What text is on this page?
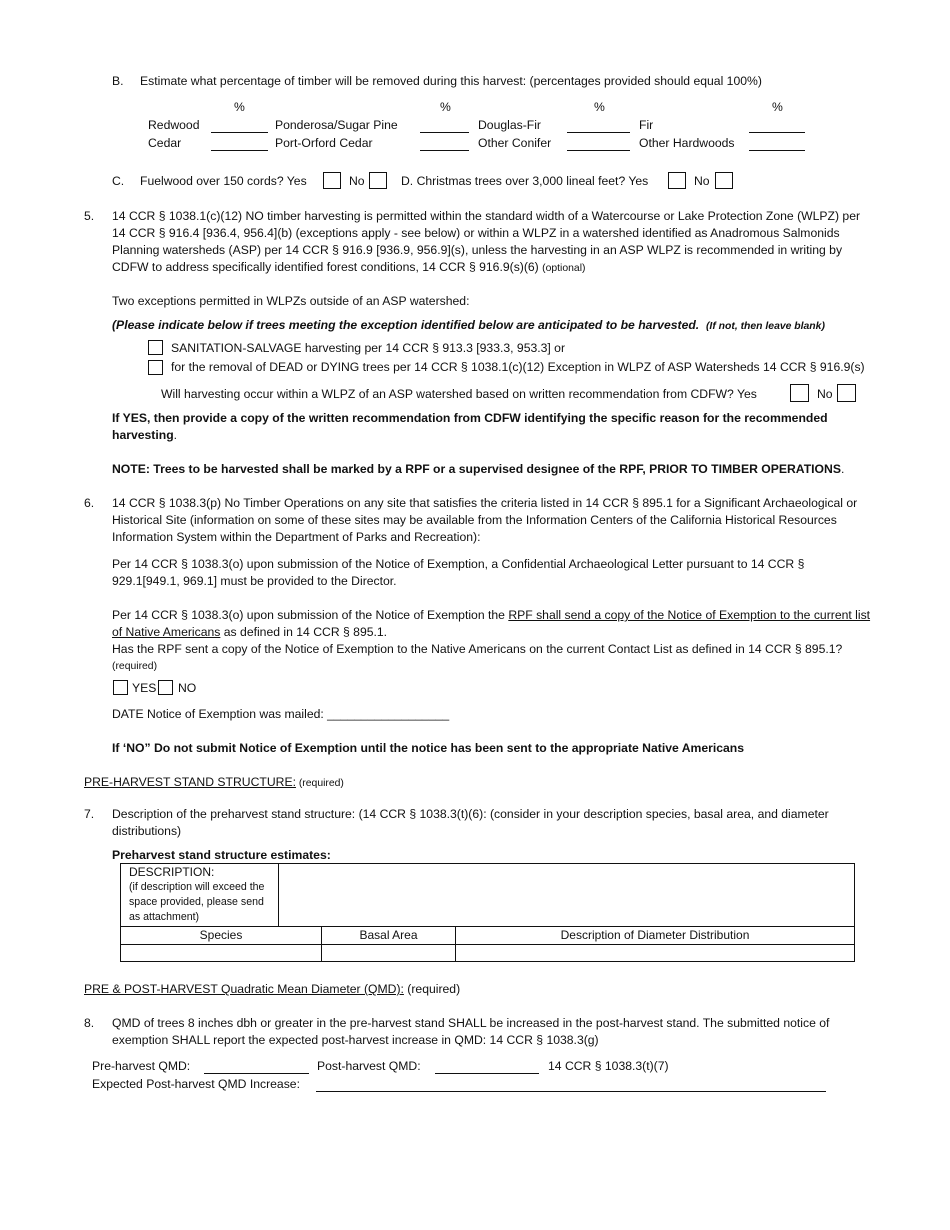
B. Estimate what percentage of timber will be removed during this harvest: (percentages provided should equal 100%)
%	%	%	%
Redwood	Ponderosa/Sugar Pine	Douglas-Fir	Fir
Cedar	Port-Orford Cedar	Other Conifer	Other Hardwoods
C. Fuelwood over 150 cords? Yes	No	D. Christmas trees over 3,000 lineal feet? Yes	No
5. 14 CCR § 1038.1(c)(12) NO timber harvesting is permitted within the standard width of a Watercourse or Lake Protection Zone (WLPZ) per 14 CCR § 916.4 [936.4, 956.4](b) (exceptions apply - see below) or within a WLPZ in a watershed identified as Anadromous Salmonids Planning watersheds (ASP) per 14 CCR § 916.9 [936.9, 956.9](s), unless the harvesting in an ASP WLPZ is recommended in writing by CDFW to address specifically identified forest conditions, 14 CCR § 916.9(s)(6) (optional)
Two exceptions permitted in WLPZs outside of an ASP watershed:
(Please indicate below if trees meeting the exception identified below are anticipated to be harvested. (If not, then leave blank)
SANITATION-SALVAGE harvesting per 14 CCR § 913.3 [933.3, 953.3] or
for the removal of DEAD or DYING trees per 14 CCR § 1038.1(c)(12) Exception in WLPZ of ASP Watersheds 14 CCR § 916.9(s)
Will harvesting occur within a WLPZ of an ASP watershed based on written recommendation from CDFW? Yes	No
If YES, then provide a copy of the written recommendation from CDFW identifying the specific reason for the recommended harvesting.
NOTE: Trees to be harvested shall be marked by a RPF or a supervised designee of the RPF, PRIOR TO TIMBER OPERATIONS.
6. 14 CCR § 1038.3(p) No Timber Operations on any site that satisfies the criteria listed in 14 CCR § 895.1 for a Significant Archaeological or Historical Site (information on some of these sites may be available from the Information Centers of the California Historical Resources Information System within the Department of Parks and Recreation):
Per 14 CCR § 1038.3(o) upon submission of the Notice of Exemption, a Confidential Archaeological Letter pursuant to 14 CCR § 929.1[949.1, 969.1] must be provided to the Director.
Per 14 CCR § 1038.3(o) upon submission of the Notice of Exemption the RPF shall send a copy of the Notice of Exemption to the current list of Native Americans as defined in 14 CCR § 895.1.
Has the RPF sent a copy of the Notice of Exemption to the Native Americans on the current Contact List as defined in 14 CCR § 895.1?
(required)
YES NO
DATE Notice of Exemption was mailed: __________________
If ‘NO” Do not submit Notice of Exemption until the notice has been sent to the appropriate Native Americans
PRE-HARVEST STAND STRUCTURE: (required)
7. Description of the preharvest stand structure: (14 CCR § 1038.3(t)(6): (consider in your description species, basal area, and diameter distributions)
Preharvest stand structure estimates:
DESCRIPTION:
(if description will exceed the space provided, please send as attachment)			

Species		Basal Area	Description of Diameter Distribution

PRE & POST-HARVEST Quadratic Mean Diameter (QMD): (required)
8. QMD of trees 8 inches dbh or greater in the pre-harvest stand SHALL be increased in the post-harvest stand. The submitted notice of exemption SHALL report the expected post-harvest increase in QMD: 14 CCR § 1038.3(g)
Pre-harvest QMD:	Post-harvest QMD:	14 CCR § 1038.3(t)(7)
Expected Post-harvest QMD Increase:
